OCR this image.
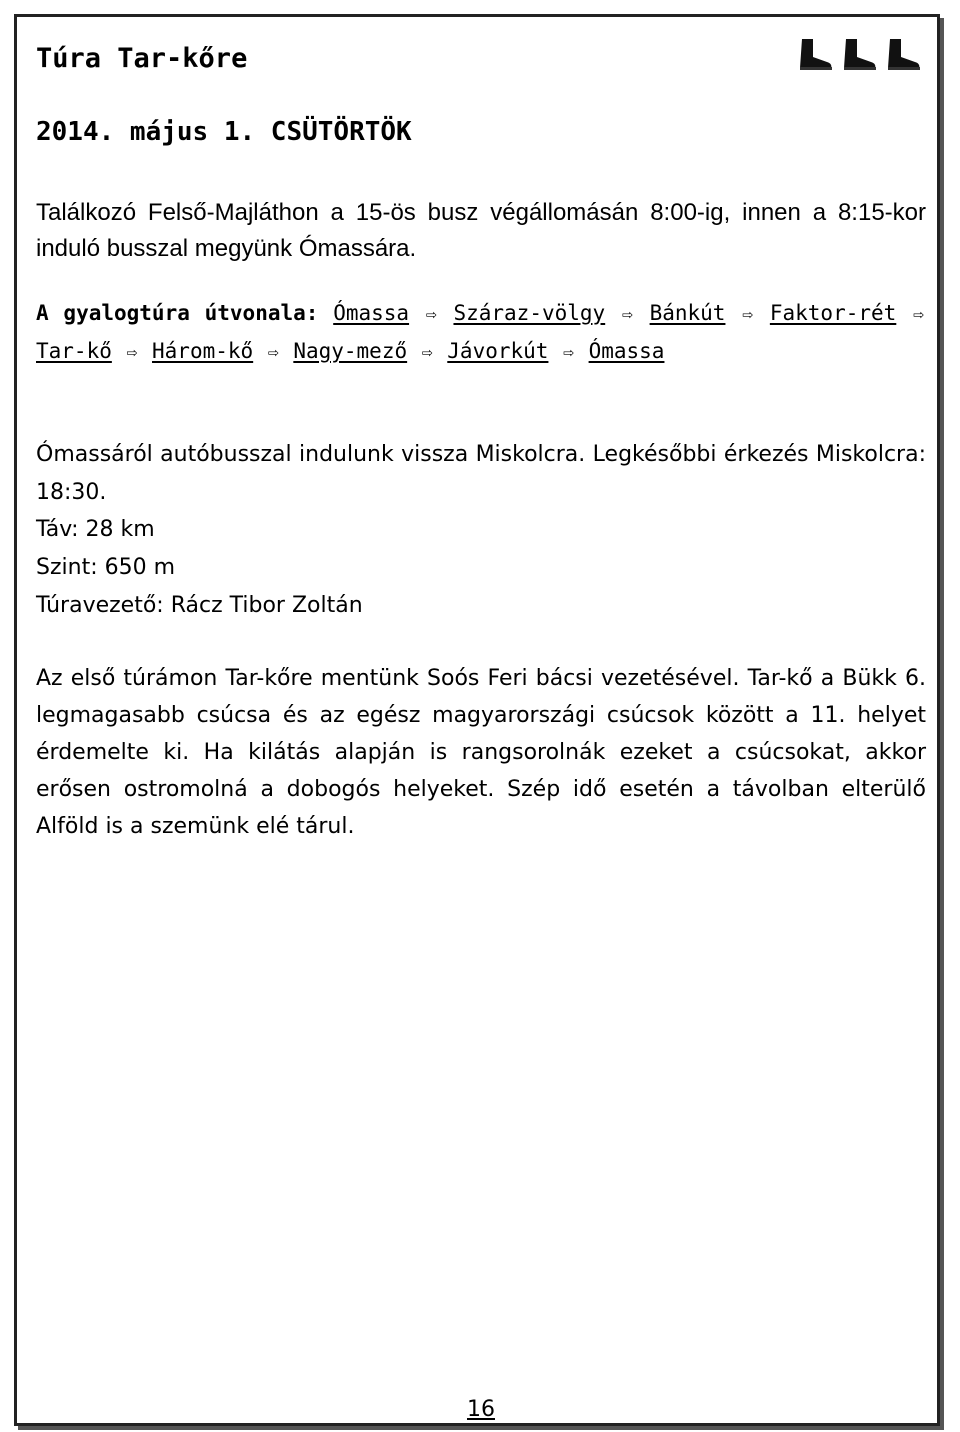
Túra Tar-kőre
2014. május 1. CSÜTÖRTÖK
Találkozó Felső-Majláthon a 15-ös busz végállomásán 8:00-ig, innen a 8:15-kor induló busszal megyünk Ómassára.
A gyalogtúra útvonala: Ómassa ⇨ Száraz-völgy ⇨ Bánkút ⇨ Faktor-rét ⇨ Tar-kő ⇨ Három-kő ⇨ Nagy-mező ⇨ Jávorkút ⇨ Ómassa
Ómassáról autóbusszal indulunk vissza Miskolcra. Legkésőbbi érkezés Miskolcra: 18:30.
Táv: 28 km
Szint: 650 m
Túravezető: Rácz Tibor Zoltán
Az első túrámon Tar-kőre mentünk Soós Feri bácsi vezetésével. Tar-kő a Bükk 6. legmagasabb csúcsa és az egész magyarországi csúcsok között a 11. helyet érdemelte ki. Ha kilátás alapján is rangsorolnák ezeket a csúcsokat, akkor erősen ostromolná a dobogós helyeket. Szép idő esetén a távolban elterülő Alföld is a szemünk elé tárul.
16
